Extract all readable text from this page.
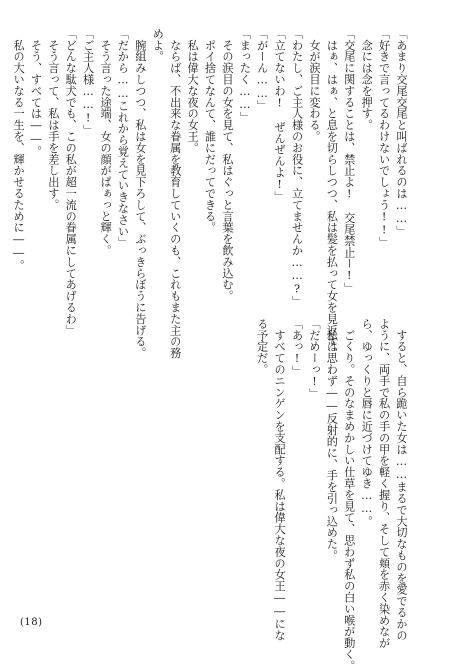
「あまり交尾交尾と叫ばれるのは……」
「好きで言ってるわけないでしょう!!」
　念には念を押す。
「交尾に関することは、禁止よ!　交尾禁止ー!」
　はぁ、はぁ、と息を切らしつつ、私は髪を払って女を見返す。
　女が涙目に変わる。
「わたし、ご主人様のお役に、立てませんか……?」
「立てないわ!　ぜんぜんよ!」
「がーん……」
「まったく……」
　その涙目の女を見て、私はぐっと言葉を飲み込む。
　ポイ捨てなんて、誰にだってできる。
　私は偉大な夜の女王。
　ならば、不出来な眷属を教育していくのも、これもまた主の務
めよ。
　腕組みしつつ、私は女を見下ろして、ぶっきらぼうに告げる。
「だから……これから覚えていきなさい」
　そう言った途端、女の顔がぱぁっと輝く。
「ご主人様……!」
「どんな駄犬でも、この私が超一流の眷属にしてあげるわ」
　そう言って、私は手を差し出す。
　そう、すべては――。
　私の大いなる一生を、輝かせるために――。
　すると、自ら跪いた女は……まるで大切なものを愛でるかの
ように、両手で私の手の甲を軽く握り、そして頬を赤く染めなが
ら、ゆっくりと唇に近づけてゆき……。
　ごくり。そのなまめかしい仕草を見て、思わず私の白い喉が動く。
　私は思わず――反射的に、手を引っ込めた。
「だめーっ!」
「あっ!」
　すべてのニンゲンを支配する。私は偉大な夜の女王――にな
る予定だ。
(18)
